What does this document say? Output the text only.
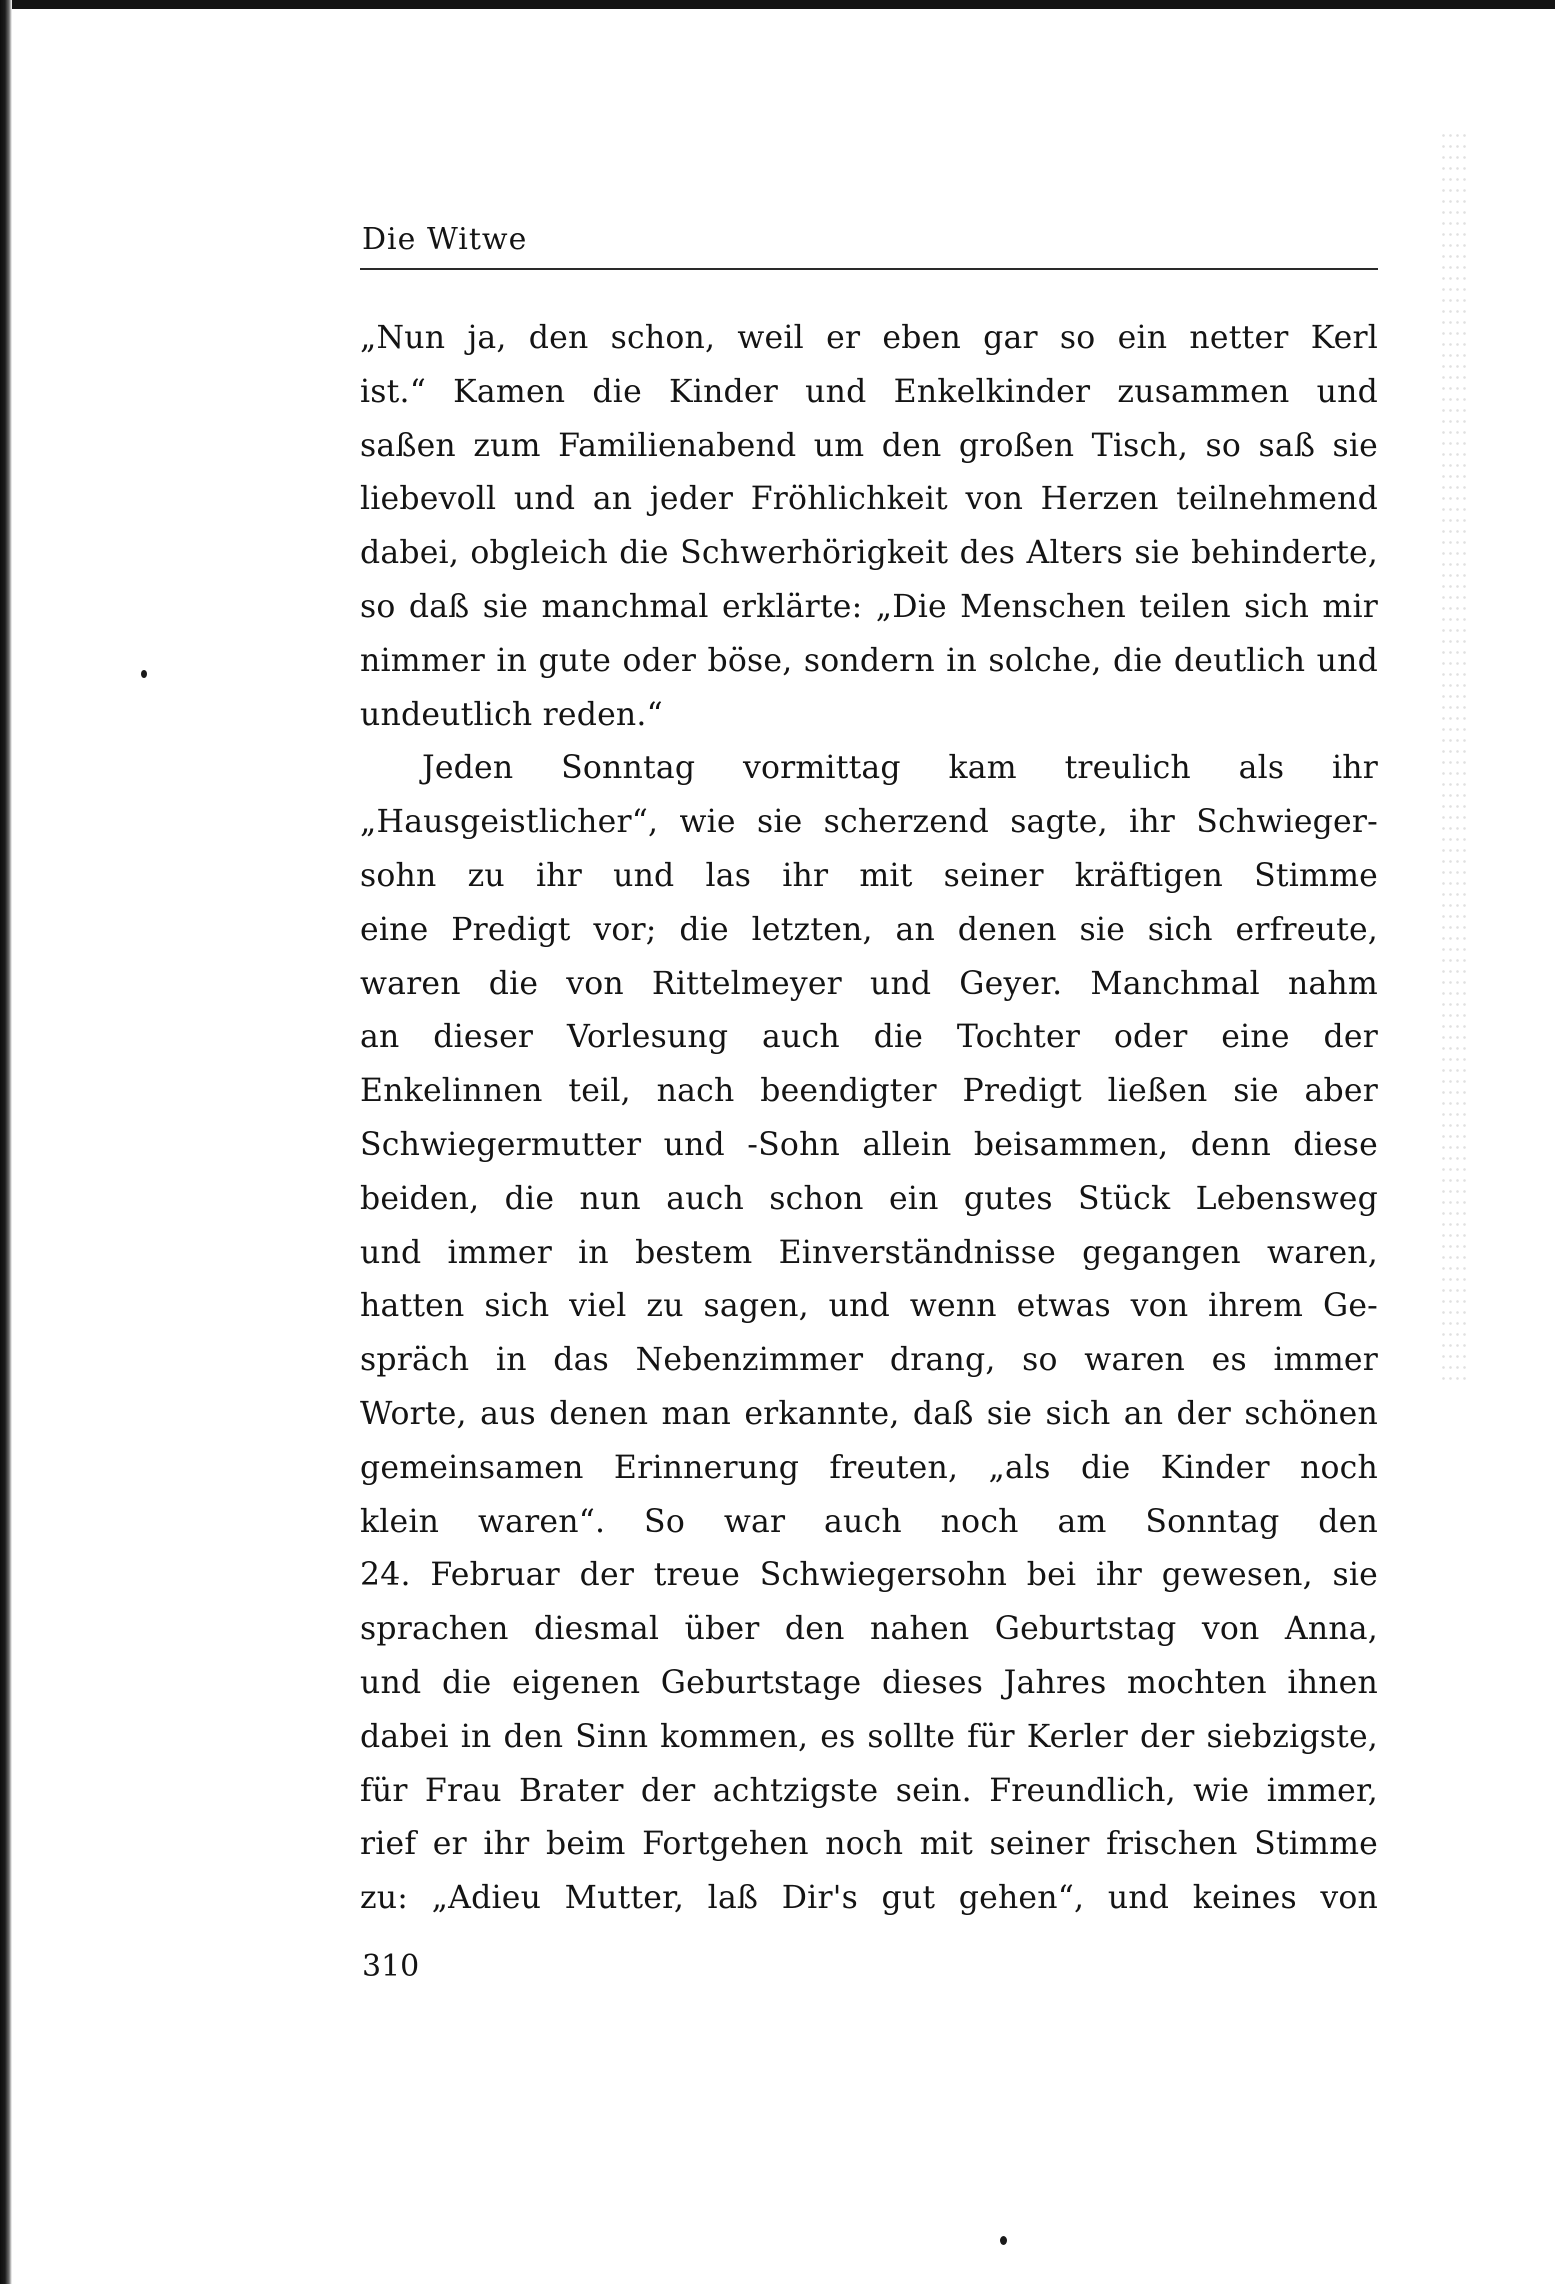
Die Witwe
„Nun ja, den schon, weil er eben gar so ein netter Kerl
ist.“ Kamen die Kinder und Enkelkinder zusammen und
saßen zum Familienabend um den großen Tisch, so saß sie
liebevoll und an jeder Fröhlichkeit von Herzen teilnehmend
dabei, obgleich die Schwerhörigkeit des Alters sie behinderte,
so daß sie manchmal erklärte: „Die Menschen teilen sich mir
nimmer in gute oder böse, sondern in solche, die deutlich und
undeutlich reden.“
Jeden Sonntag vormittag kam treulich als ihr
„Hausgeistlicher“, wie sie scherzend sagte, ihr Schwieger-
sohn zu ihr und las ihr mit seiner kräftigen Stimme
eine Predigt vor; die letzten, an denen sie sich erfreute,
waren die von Rittelmeyer und Geyer. Manchmal nahm
an dieser Vorlesung auch die Tochter oder eine der
Enkelinnen teil, nach beendigter Predigt ließen sie aber
Schwiegermutter und -Sohn allein beisammen, denn diese
beiden, die nun auch schon ein gutes Stück Lebensweg
und immer in bestem Einverständnisse gegangen waren,
hatten sich viel zu sagen, und wenn etwas von ihrem Ge-
spräch in das Nebenzimmer drang, so waren es immer
Worte, aus denen man erkannte, daß sie sich an der schönen
gemeinsamen Erinnerung freuten, „als die Kinder noch
klein waren“. So war auch noch am Sonntag den
24. Februar der treue Schwiegersohn bei ihr gewesen, sie
sprachen diesmal über den nahen Geburtstag von Anna,
und die eigenen Geburtstage dieses Jahres mochten ihnen
dabei in den Sinn kommen, es sollte für Kerler der siebzigste,
für Frau Brater der achtzigste sein. Freundlich, wie immer,
rief er ihr beim Fortgehen noch mit seiner frischen Stimme
zu: „Adieu Mutter, laß Dir's gut gehen“, und keines von
310
